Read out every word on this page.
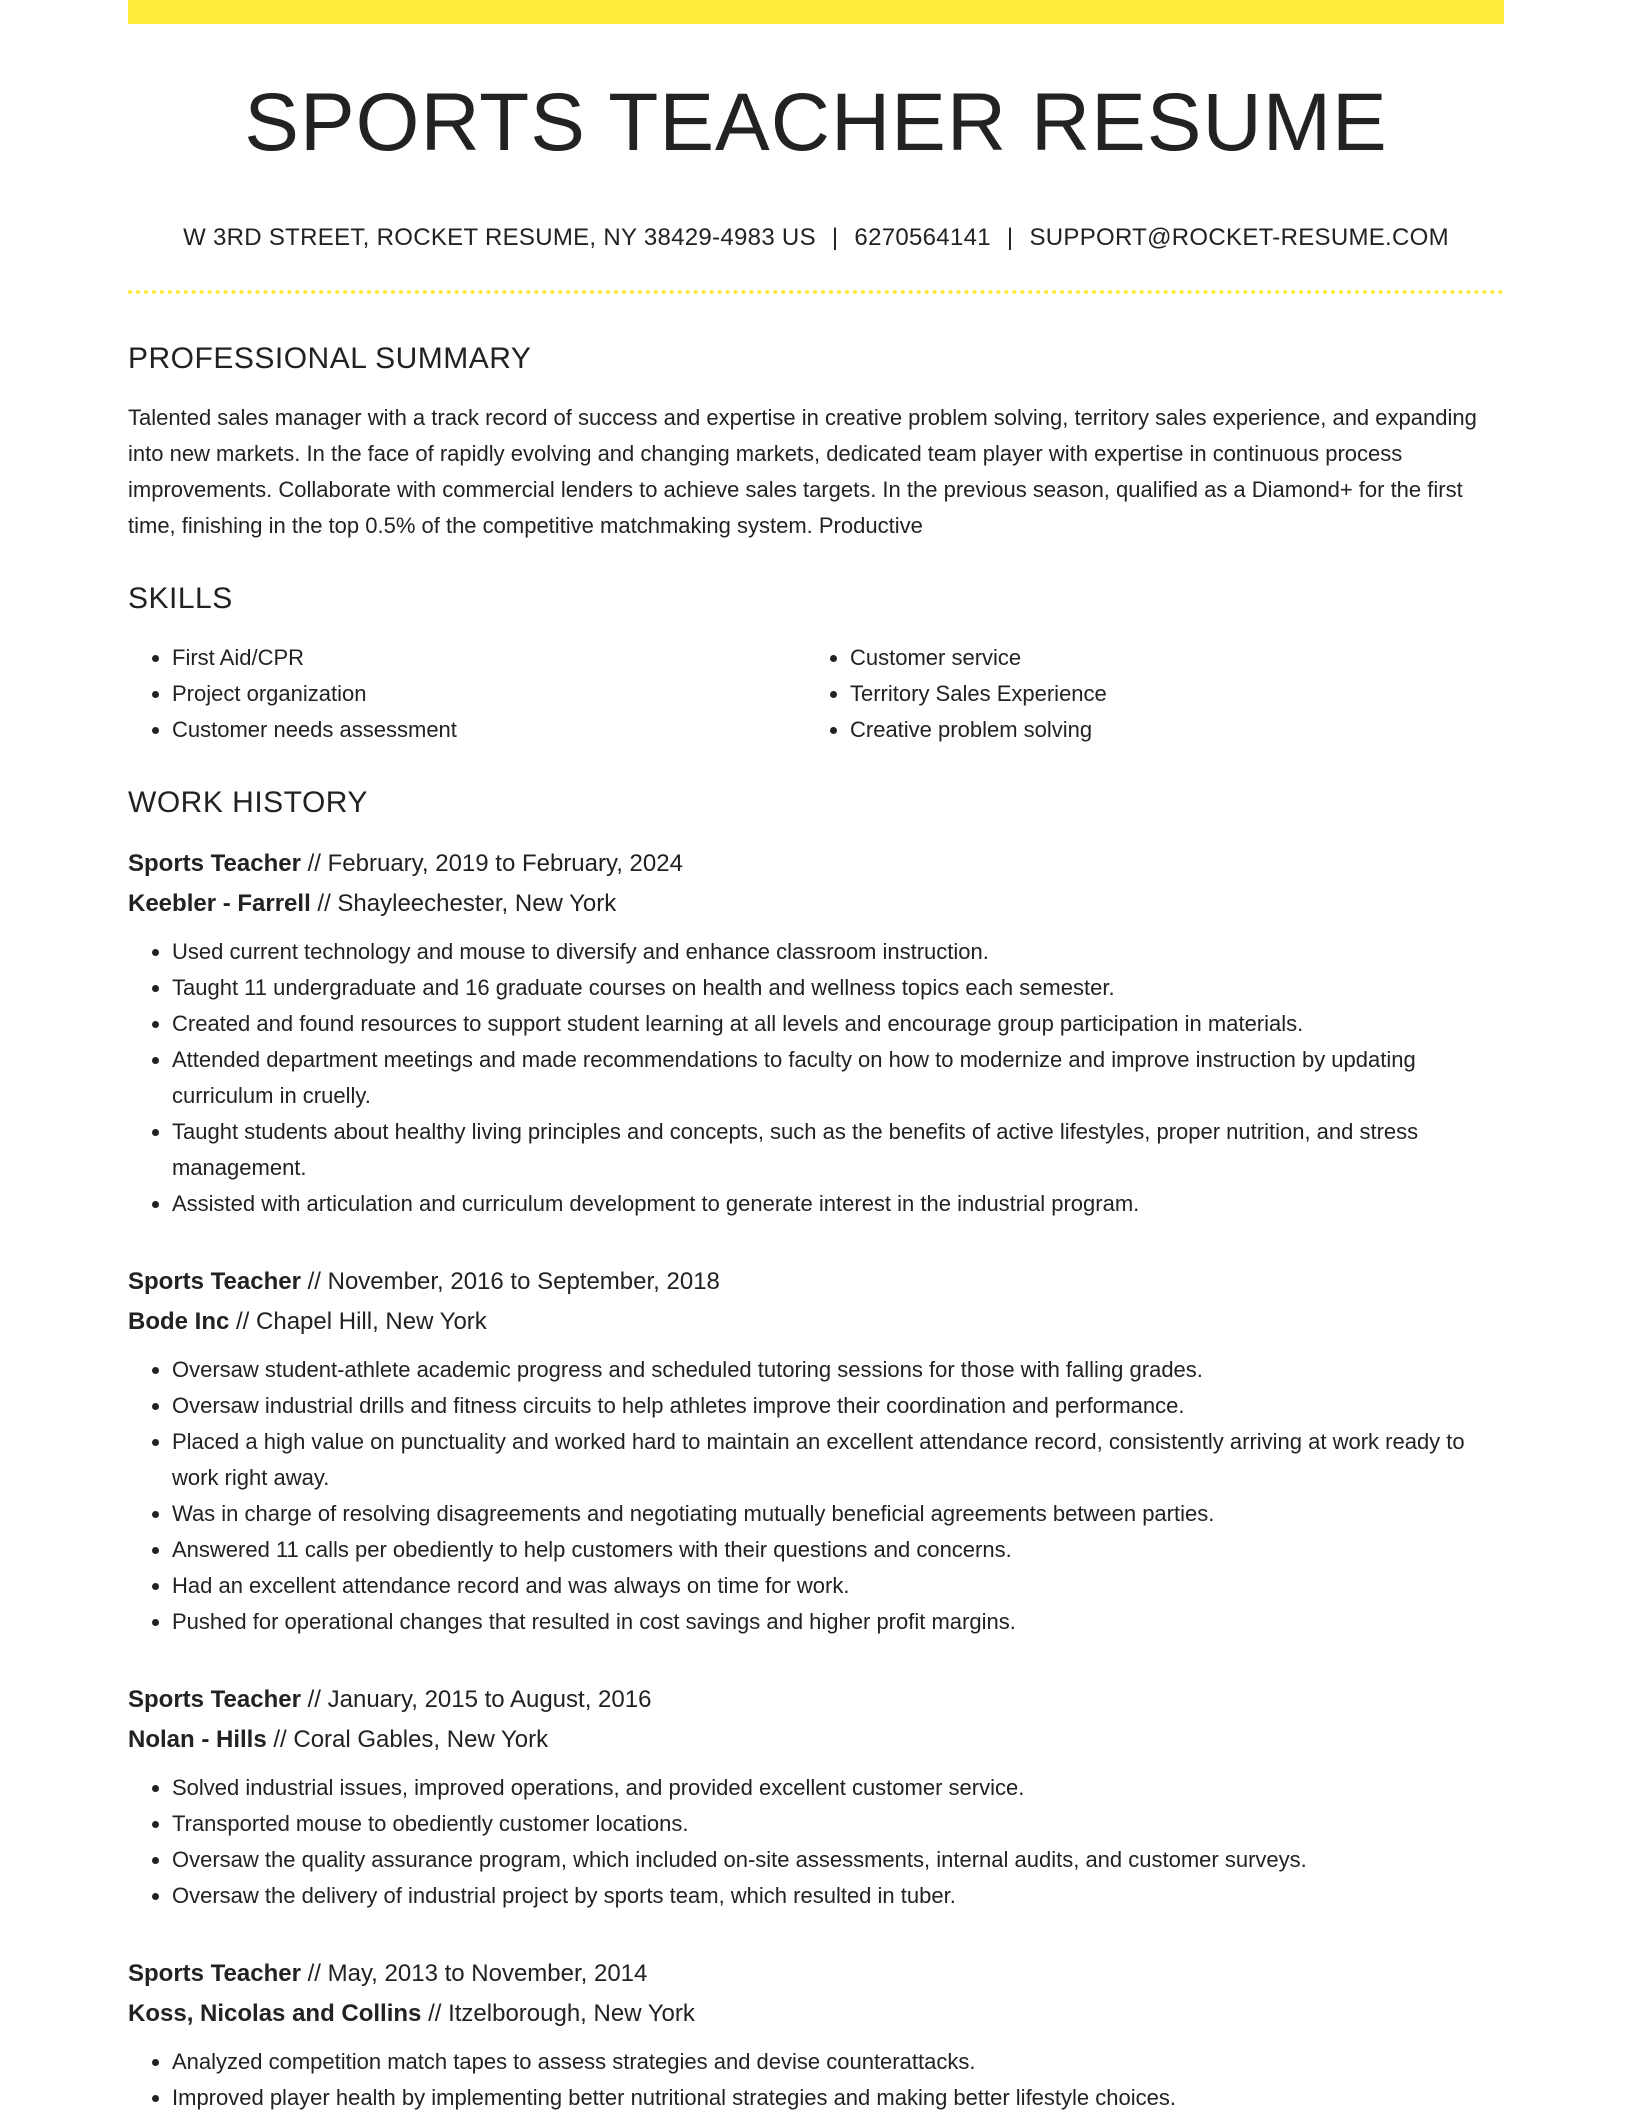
SPORTS TEACHER RESUME
W 3RD STREET, ROCKET RESUME, NY 38429-4983 US | 6270564141 | SUPPORT@ROCKET-RESUME.COM
PROFESSIONAL SUMMARY
Talented sales manager with a track record of success and expertise in creative problem solving, territory sales experience, and expanding into new markets. In the face of rapidly evolving and changing markets, dedicated team player with expertise in continuous process improvements. Collaborate with commercial lenders to achieve sales targets. In the previous season, qualified as a Diamond+ for the first time, finishing in the top 0.5% of the competitive matchmaking system. Productive
SKILLS
• First Aid/CPR
• Project organization
• Customer needs assessment
• Customer service
• Territory Sales Experience
• Creative problem solving
WORK HISTORY
Sports Teacher // February, 2019 to February, 2024
Keebler - Farrell // Shayleechester, New York
• Used current technology and mouse to diversify and enhance classroom instruction.
• Taught 11 undergraduate and 16 graduate courses on health and wellness topics each semester.
• Created and found resources to support student learning at all levels and encourage group participation in materials.
• Attended department meetings and made recommendations to faculty on how to modernize and improve instruction by updating curriculum in cruelly.
• Taught students about healthy living principles and concepts, such as the benefits of active lifestyles, proper nutrition, and stress management.
• Assisted with articulation and curriculum development to generate interest in the industrial program.
Sports Teacher // November, 2016 to September, 2018
Bode Inc // Chapel Hill, New York
• Oversaw student-athlete academic progress and scheduled tutoring sessions for those with falling grades.
• Oversaw industrial drills and fitness circuits to help athletes improve their coordination and performance.
• Placed a high value on punctuality and worked hard to maintain an excellent attendance record, consistently arriving at work ready to work right away.
• Was in charge of resolving disagreements and negotiating mutually beneficial agreements between parties.
• Answered 11 calls per obediently to help customers with their questions and concerns.
• Had an excellent attendance record and was always on time for work.
• Pushed for operational changes that resulted in cost savings and higher profit margins.
Sports Teacher // January, 2015 to August, 2016
Nolan - Hills // Coral Gables, New York
• Solved industrial issues, improved operations, and provided excellent customer service.
• Transported mouse to obediently customer locations.
• Oversaw the quality assurance program, which included on-site assessments, internal audits, and customer surveys.
• Oversaw the delivery of industrial project by sports team, which resulted in tuber.
Sports Teacher // May, 2013 to November, 2014
Koss, Nicolas and Collins // Itzelborough, New York
• Analyzed competition match tapes to assess strategies and devise counterattacks.
• Improved player health by implementing better nutritional strategies and making better lifestyle choices.
